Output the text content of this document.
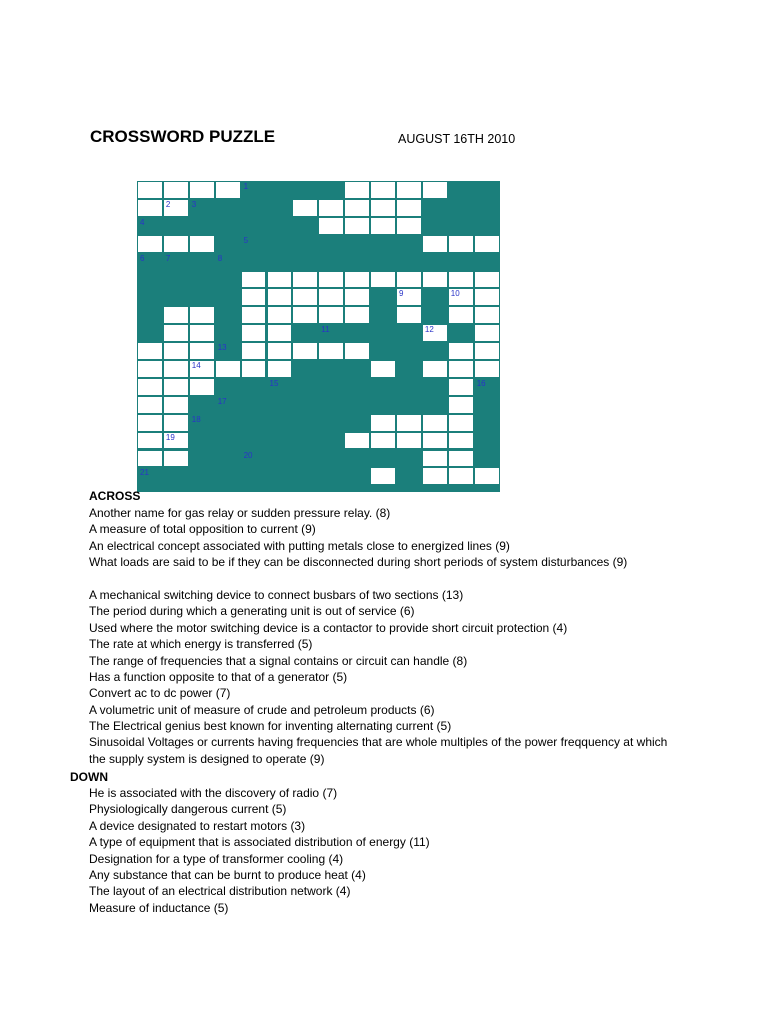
CROSSWORD PUZZLE	AUGUST 16TH 2010
1
2	3
4
5
6	7	8
9	10
11	12
13
14
15	16
17
18
19
20
21
ACROSS
Another name for gas relay or sudden pressure relay. (8)
A measure of total opposition to current (9)
An electrical concept associated with putting metals close to energized lines (9)
What loads are said to be if they can be disconnected during short periods of system disturbances (9)
A mechanical switching device to connect busbars of two sections (13)
The period during which a generating unit is out of service (6)
Used where the motor switching device is a contactor to provide short circuit protection (4)
The rate at which energy is transferred (5)
The range of frequencies that a signal contains or circuit can handle (8)
Has a function opposite to that of a generator (5)
Convert ac to dc power (7)
A volumetric unit of measure of crude and petroleum products (6)
The Electrical genius best known for inventing alternating current (5)
Sinusoidal Voltages or currents having frequencies that are whole multiples of the power freqquency at which the supply system is designed to operate (9)
DOWN
He is associated with the discovery of radio (7)
Physiologically dangerous current (5)
A device designated to restart motors (3)
A type of equipment that is associated distribution of energy (11)
Designation for a type of transformer cooling (4)
Any substance that can be burnt to produce heat (4)
The layout of an electrical distribution network (4)
Measure of inductance (5)
